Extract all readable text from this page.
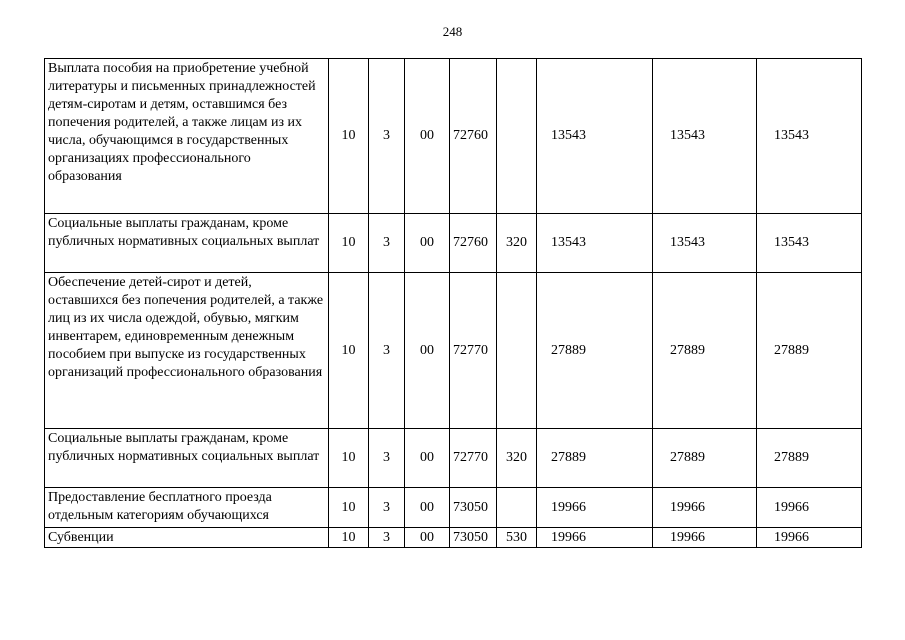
248
Выплата пособия на приобретение учебной литературы и письменных принадлежностей детям-сиротам и детям, оставшимся без попечения родителей, а также лицам из их числа, обучающимся в государственных организациях профессионального образования	10	3	00	72760		13543	13543	13543
Социальные выплаты гражданам, кроме публичных нормативных социальных выплат	10	3	00	72760	320	13543	13543	13543
Обеспечение детей-сирот и детей, оставшихся без попечения родителей, а также лиц из их числа одеждой, обувью, мягким инвентарем, единовременным денежным пособием при выпуске из государственных организаций профессионального образования	10	3	00	72770		27889	27889	27889
Социальные выплаты гражданам, кроме публичных нормативных социальных выплат	10	3	00	72770	320	27889	27889	27889
Предоставление бесплатного проезда отдельным категориям обучающихся	10	3	00	73050		19966	19966	19966
Субвенции	10	3	00	73050	530	19966	19966	19966
